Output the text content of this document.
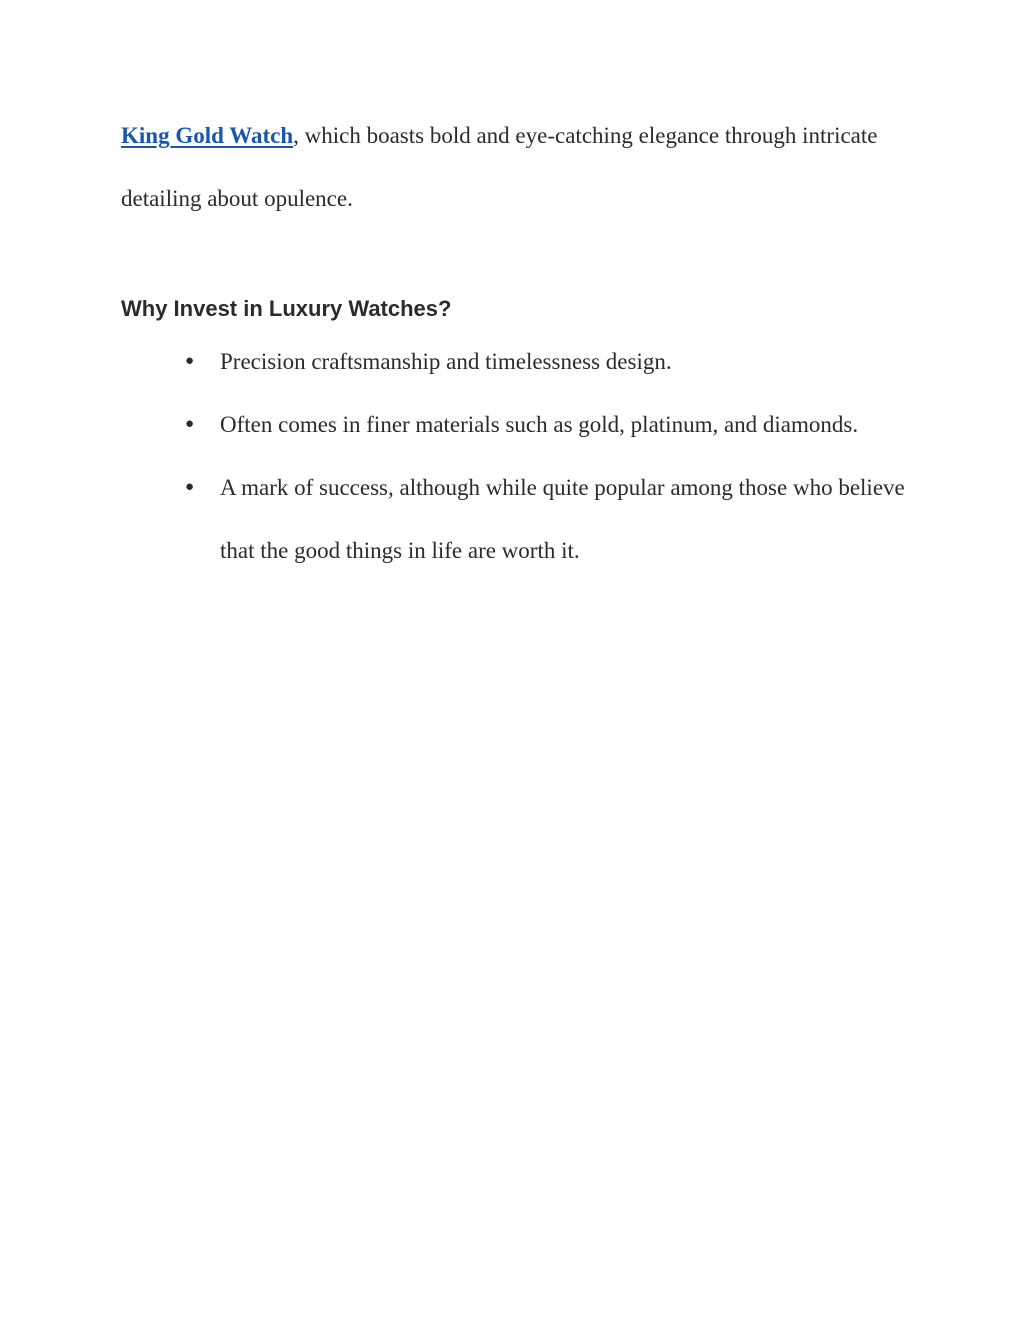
King Gold Watch, which boasts bold and eye-catching elegance through intricate detailing about opulence.

Why Invest in Luxury Watches?
● Precision craftsmanship and timelessness design.
● Often comes in finer materials such as gold, platinum, and diamonds.
● A mark of success, although while quite popular among those who believe that the good things in life are worth it.
